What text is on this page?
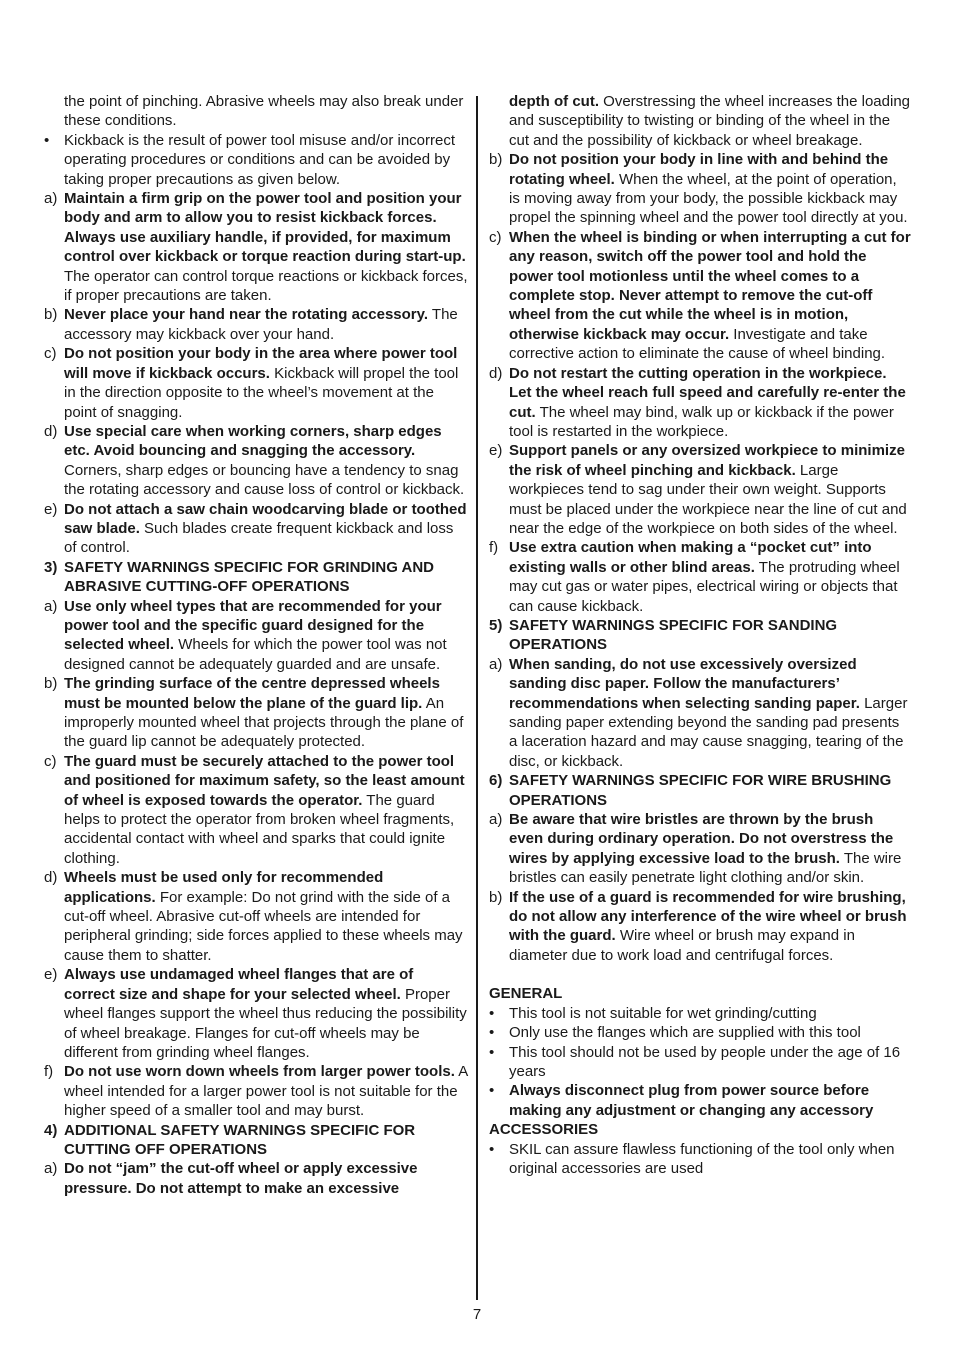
the point of pinching. Abrasive wheels may also break under these conditions.
• Kickback is the result of power tool misuse and/or incorrect operating procedures or conditions and can be avoided by taking proper precautions as given below.
a) Maintain a firm grip on the power tool and position your body and arm to allow you to resist kickback forces. Always use auxiliary handle, if provided, for maximum control over kickback or torque reaction during start-up. The operator can control torque reactions or kickback forces, if proper precautions are taken.
b) Never place your hand near the rotating accessory. The accessory may kickback over your hand.
c) Do not position your body in the area where power tool will move if kickback occurs. Kickback will propel the tool in the direction opposite to the wheel’s movement at the point of snagging.
d) Use special care when working corners, sharp edges etc. Avoid bouncing and snagging the accessory. Corners, sharp edges or bouncing have a tendency to snag the rotating accessory and cause loss of control or kickback.
e) Do not attach a saw chain woodcarving blade or toothed saw blade. Such blades create frequent kickback and loss of control.
3) SAFETY WARNINGS SPECIFIC FOR GRINDING AND ABRASIVE CUTTING-OFF OPERATIONS
a) Use only wheel types that are recommended for your power tool and the specific guard designed for the selected wheel. Wheels for which the power tool was not designed cannot be adequately guarded and are unsafe.
b) The grinding surface of the centre depressed wheels must be mounted below the plane of the guard lip. An improperly mounted wheel that projects through the plane of the guard lip cannot be adequately protected.
c) The guard must be securely attached to the power tool and positioned for maximum safety, so the least amount of wheel is exposed towards the operator. The guard helps to protect the operator from broken wheel fragments, accidental contact with wheel and sparks that could ignite clothing.
d) Wheels must be used only for recommended applications. For example: Do not grind with the side of a cut-off wheel. Abrasive cut-off wheels are intended for peripheral grinding; side forces applied to these wheels may cause them to shatter.
e) Always use undamaged wheel flanges that are of correct size and shape for your selected wheel. Proper wheel flanges support the wheel thus reducing the possibility of wheel breakage. Flanges for cut-off wheels may be different from grinding wheel flanges.
f) Do not use worn down wheels from larger power tools. A wheel intended for a larger power tool is not suitable for the higher speed of a smaller tool and may burst.
4) ADDITIONAL SAFETY WARNINGS SPECIFIC FOR CUTTING OFF OPERATIONS
a) Do not “jam” the cut-off wheel or apply excessive pressure. Do not attempt to make an excessive
depth of cut. Overstressing the wheel increases the loading and susceptibility to twisting or binding of the wheel in the cut and the possibility of kickback or wheel breakage.
b) Do not position your body in line with and behind the rotating wheel. When the wheel, at the point of operation, is moving away from your body, the possible kickback may propel the spinning wheel and the power tool directly at you.
c) When the wheel is binding or when interrupting a cut for any reason, switch off the power tool and hold the power tool motionless until the wheel comes to a complete stop. Never attempt to remove the cut-off wheel from the cut while the wheel is in motion, otherwise kickback may occur. Investigate and take corrective action to eliminate the cause of wheel binding.
d) Do not restart the cutting operation in the workpiece. Let the wheel reach full speed and carefully re-enter the cut. The wheel may bind, walk up or kickback if the power tool is restarted in the workpiece.
e) Support panels or any oversized workpiece to minimize the risk of wheel pinching and kickback. Large workpieces tend to sag under their own weight. Supports must be placed under the workpiece near the line of cut and near the edge of the workpiece on both sides of the wheel.
f) Use extra caution when making a “pocket cut” into existing walls or other blind areas. The protruding wheel may cut gas or water pipes, electrical wiring or objects that can cause kickback.
5) SAFETY WARNINGS SPECIFIC FOR SANDING OPERATIONS
a) When sanding, do not use excessively oversized sanding disc paper. Follow the manufacturers’ recommendations when selecting sanding paper. Larger sanding paper extending beyond the sanding pad presents a laceration hazard and may cause snagging, tearing of the disc, or kickback.
6) SAFETY WARNINGS SPECIFIC FOR WIRE BRUSHING OPERATIONS
a) Be aware that wire bristles are thrown by the brush even during ordinary operation. Do not overstress the wires by applying excessive load to the brush. The wire bristles can easily penetrate light clothing and/or skin.
b) If the use of a guard is recommended for wire brushing, do not allow any interference of the wire wheel or brush with the guard. Wire wheel or brush may expand in diameter due to work load and centrifugal forces.
GENERAL
• This tool is not suitable for wet grinding/cutting
• Only use the flanges which are supplied with this tool
• This tool should not be used by people under the age of 16 years
• Always disconnect plug from power source before making any adjustment or changing any accessory
ACCESSORIES
• SKIL can assure flawless functioning of the tool only when original accessories are used
7
